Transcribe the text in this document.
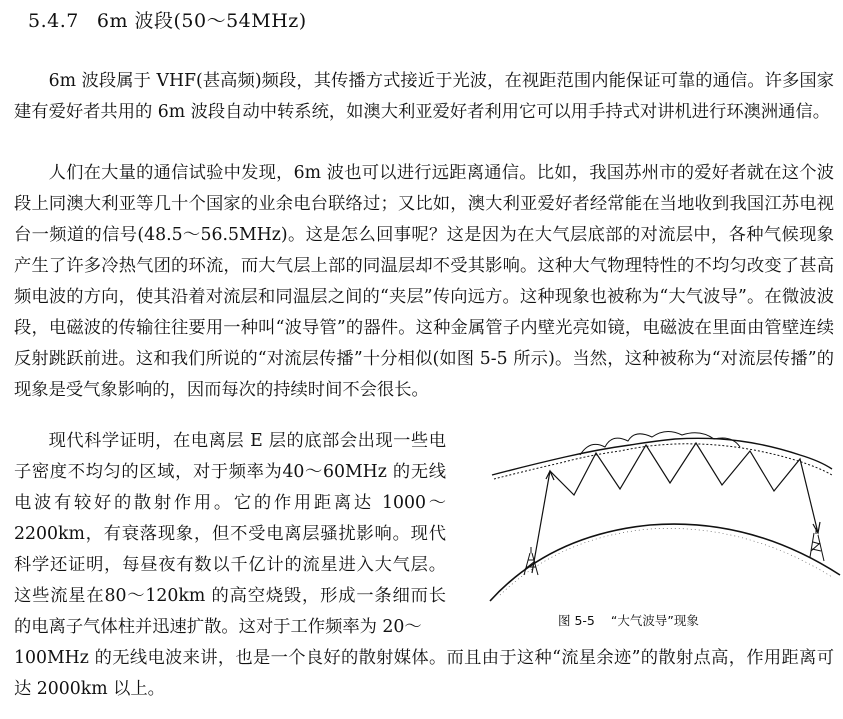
5.4.7 6m 波段(50～54MHz)

6m 波段属于 VHF(甚高频)频段，其传播方式接近于光波，在视距范围内能保证可靠的通信。许多国家建有爱好者共用的 6m 波段自动中转系统，如澳大利亚爱好者利用它可以用手持式对讲机进行环澳洲通信。

人们在大量的通信试验中发现，6m 波也可以进行远距离通信。比如，我国苏州市的爱好者就在这个波段上同澳大利亚等几十个国家的业余电台联络过；又比如，澳大利亚爱好者经常能在当地收到我国江苏电视台一频道的信号(48.5～56.5MHz)。这是怎么回事呢？这是因为在大气层底部的对流层中，各种气候现象产生了许多冷热气团的环流，而大气层上部的同温层却不受其影响。这种大气物理特性的不均匀改变了甚高频电波的方向，使其沿着对流层和同温层之间的“夹层”传向远方。这种现象也被称为“大气波导”。在微波波段，电磁波的传输往往要用一种叫“波导管”的器件。这种金属管子内壁光亮如镜，电磁波在里面由管壁连续反射跳跃前进。这和我们所说的“对流层传播”十分相似(如图 5-5 所示)。当然，这种被称为“对流层传播”的现象是受气象影响的，因而每次的持续时间不会很长。

现代科学证明，在电离层 E 层的底部会出现一些电子密度不均匀的区域，对于频率为40～60MHz 的无线电波有较好的散射作用。它的作用距离达 1000～2200km，有衰落现象，但不受电离层骚扰影响。现代科学还证明，每昼夜有数以千亿计的流星进入大气层。这些流星在80～120km 的高空烧毁，形成一条细而长的电离子气体柱并迅速扩散。这对于工作频率为 20～

100MHz 的无线电波来讲，也是一个良好的散射媒体。而且由于这种“流星余迹”的散射点高，作用距离可达 2000km 以上。

图 5-5 “大气波导”现象
